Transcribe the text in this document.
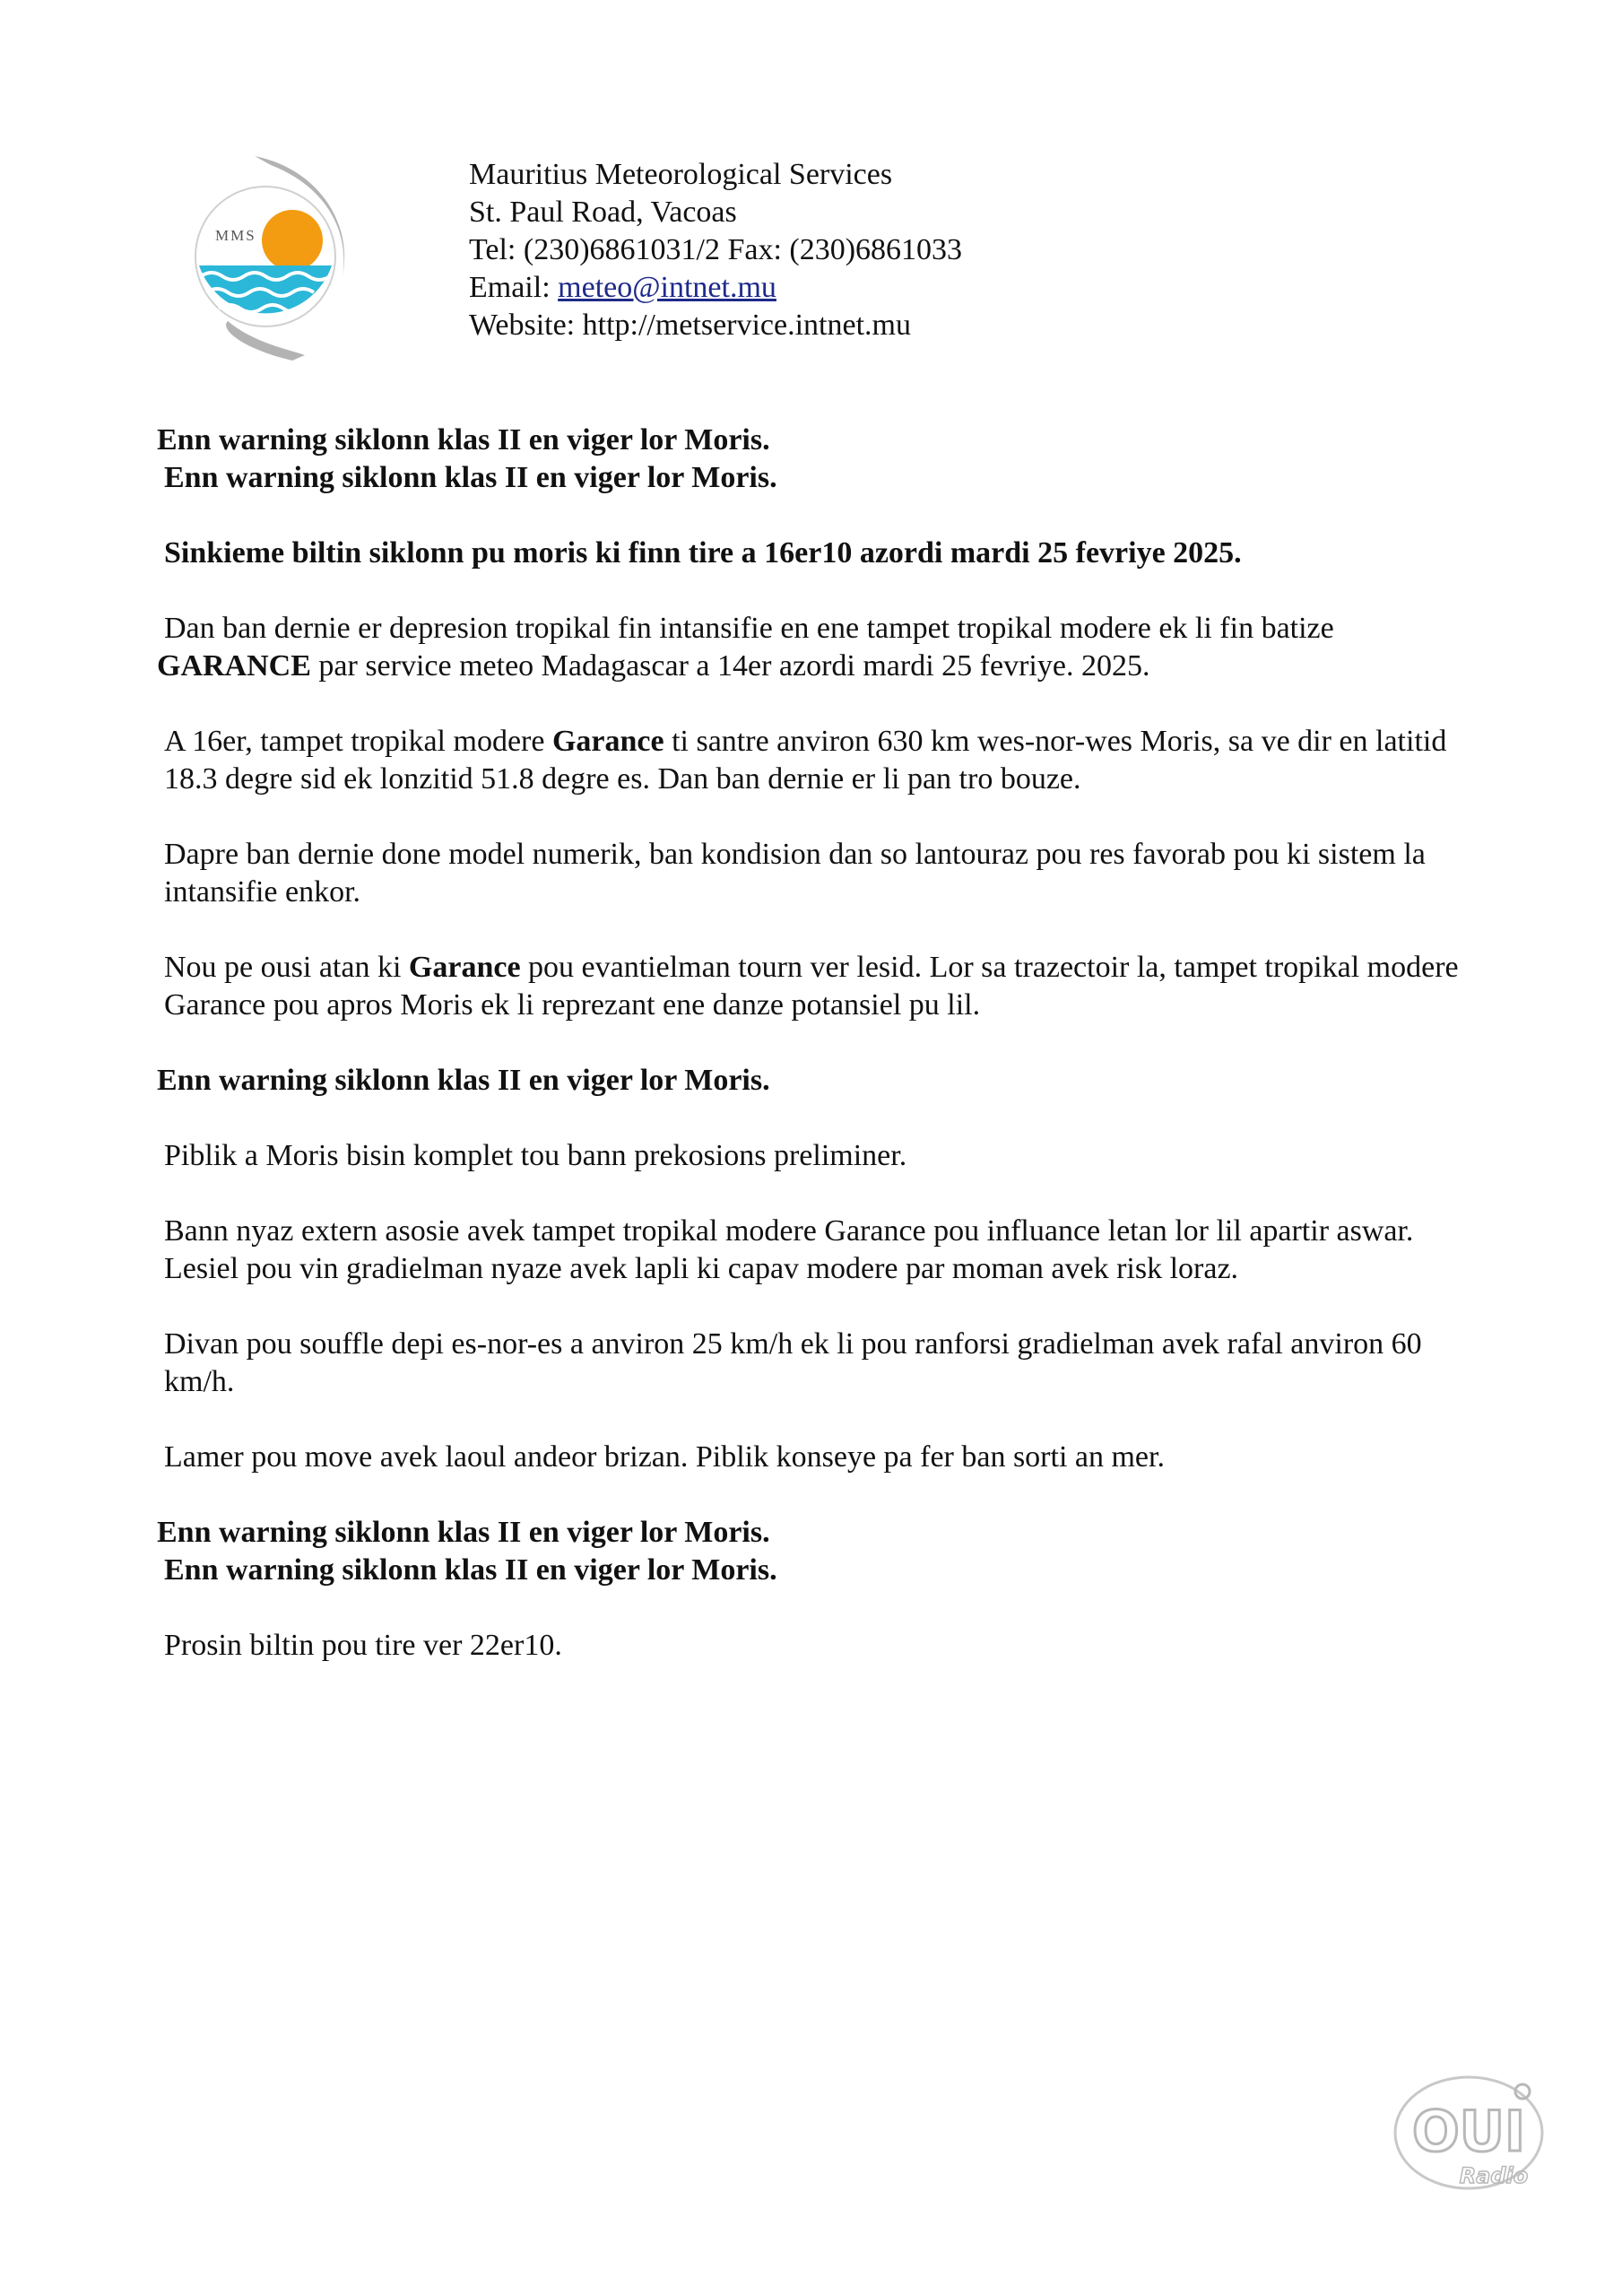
MMS
Mauritius Meteorological Services
St. Paul Road, Vacoas
Tel: (230)6861031/2 Fax: (230)6861033
Email: meteo@intnet.mu
Website: http://metservice.intnet.mu
Enn warning siklonn klas II en viger lor Moris.
Enn warning siklonn klas II en viger lor Moris.
Sinkieme biltin siklonn pu moris ki finn tire a 16er10 azordi mardi 25 fevriye 2025.
Dan ban dernie er depresion tropikal fin intansifie en ene tampet tropikal modere ek li fin batize
GARANCE par service meteo Madagascar a 14er azordi mardi 25 fevriye. 2025.
A 16er, tampet tropikal modere Garance ti santre anviron 630 km wes-nor-wes Moris, sa ve dir en latitid 18.3 degre sid ek lonzitid 51.8 degre es. Dan ban dernie er li pan tro bouze.
Dapre ban dernie done model numerik, ban kondision dan so lantouraz pou res favorab pou ki sistem la intansifie enkor.
Nou pe ousi atan ki Garance pou evantielman tourn ver lesid. Lor sa trazectoir la, tampet tropikal modere Garance pou apros Moris ek li reprezant ene danze potansiel pu lil.
Enn warning siklonn klas II en viger lor Moris.
Piblik a Moris bisin komplet tou bann prekosions preliminer.
Bann nyaz extern asosie avek tampet tropikal modere Garance pou influance letan lor lil apartir aswar. Lesiel pou vin gradielman nyaze avek lapli ki capav modere par moman avek risk loraz.
Divan pou souffle depi es-nor-es a anviron 25 km/h ek li pou ranforsi gradielman avek rafal anviron 60 km/h.
Lamer pou move avek laoul andeor brizan. Piblik konseye pa fer ban sorti an mer.
Enn warning siklonn klas II en viger lor Moris.
Enn warning siklonn klas II en viger lor Moris.
Prosin biltin pou tire ver 22er10.
OUI
Radio
